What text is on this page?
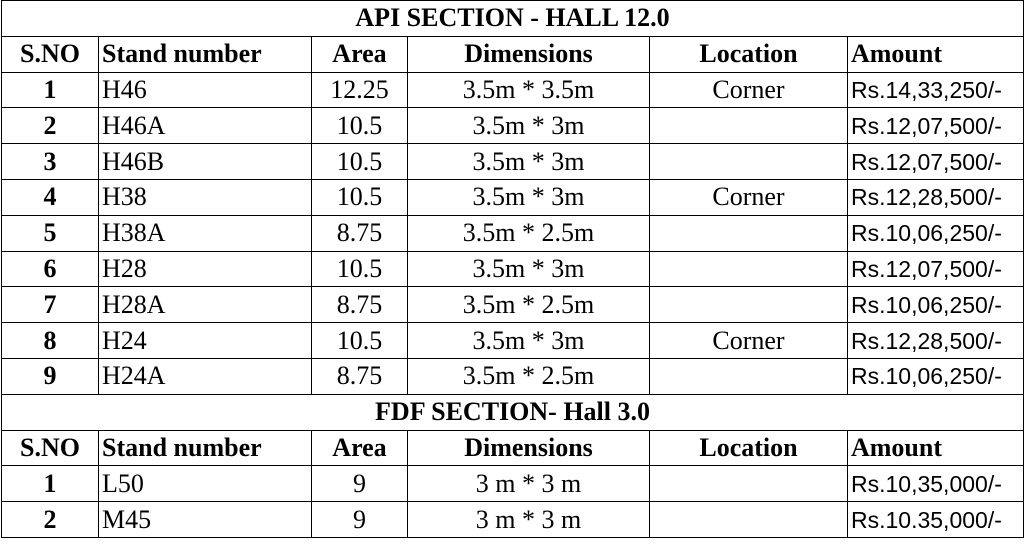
API SECTION - HALL 12.0					
S.NO	Stand number	Area	Dimensions	Location	Amount
1	H46	12.25	3.5m * 3.5m	Corner	Rs.14,33,250/-
2	H46A	10.5	3.5m * 3m		Rs.12,07,500/-
3	H46B	10.5	3.5m * 3m		Rs.12,07,500/-
4	H38	10.5	3.5m * 3m	Corner	Rs.12,28,500/-
5	H38A	8.75	3.5m * 2.5m		Rs.10,06,250/-
6	H28	10.5	3.5m * 3m		Rs.12,07,500/-
7	H28A	8.75	3.5m * 2.5m		Rs.10,06,250/-
8	H24	10.5	3.5m * 3m	Corner	Rs.12,28,500/-
9	H24A	8.75	3.5m * 2.5m		Rs.10,06,250/-
FDF SECTION- Hall 3.0					
S.NO	Stand number	Area	Dimensions	Location	Amount
1	L50	9	3 m * 3 m		Rs.10,35,000/-
2	M45	9	3 m * 3 m		Rs.10.35,000/-
